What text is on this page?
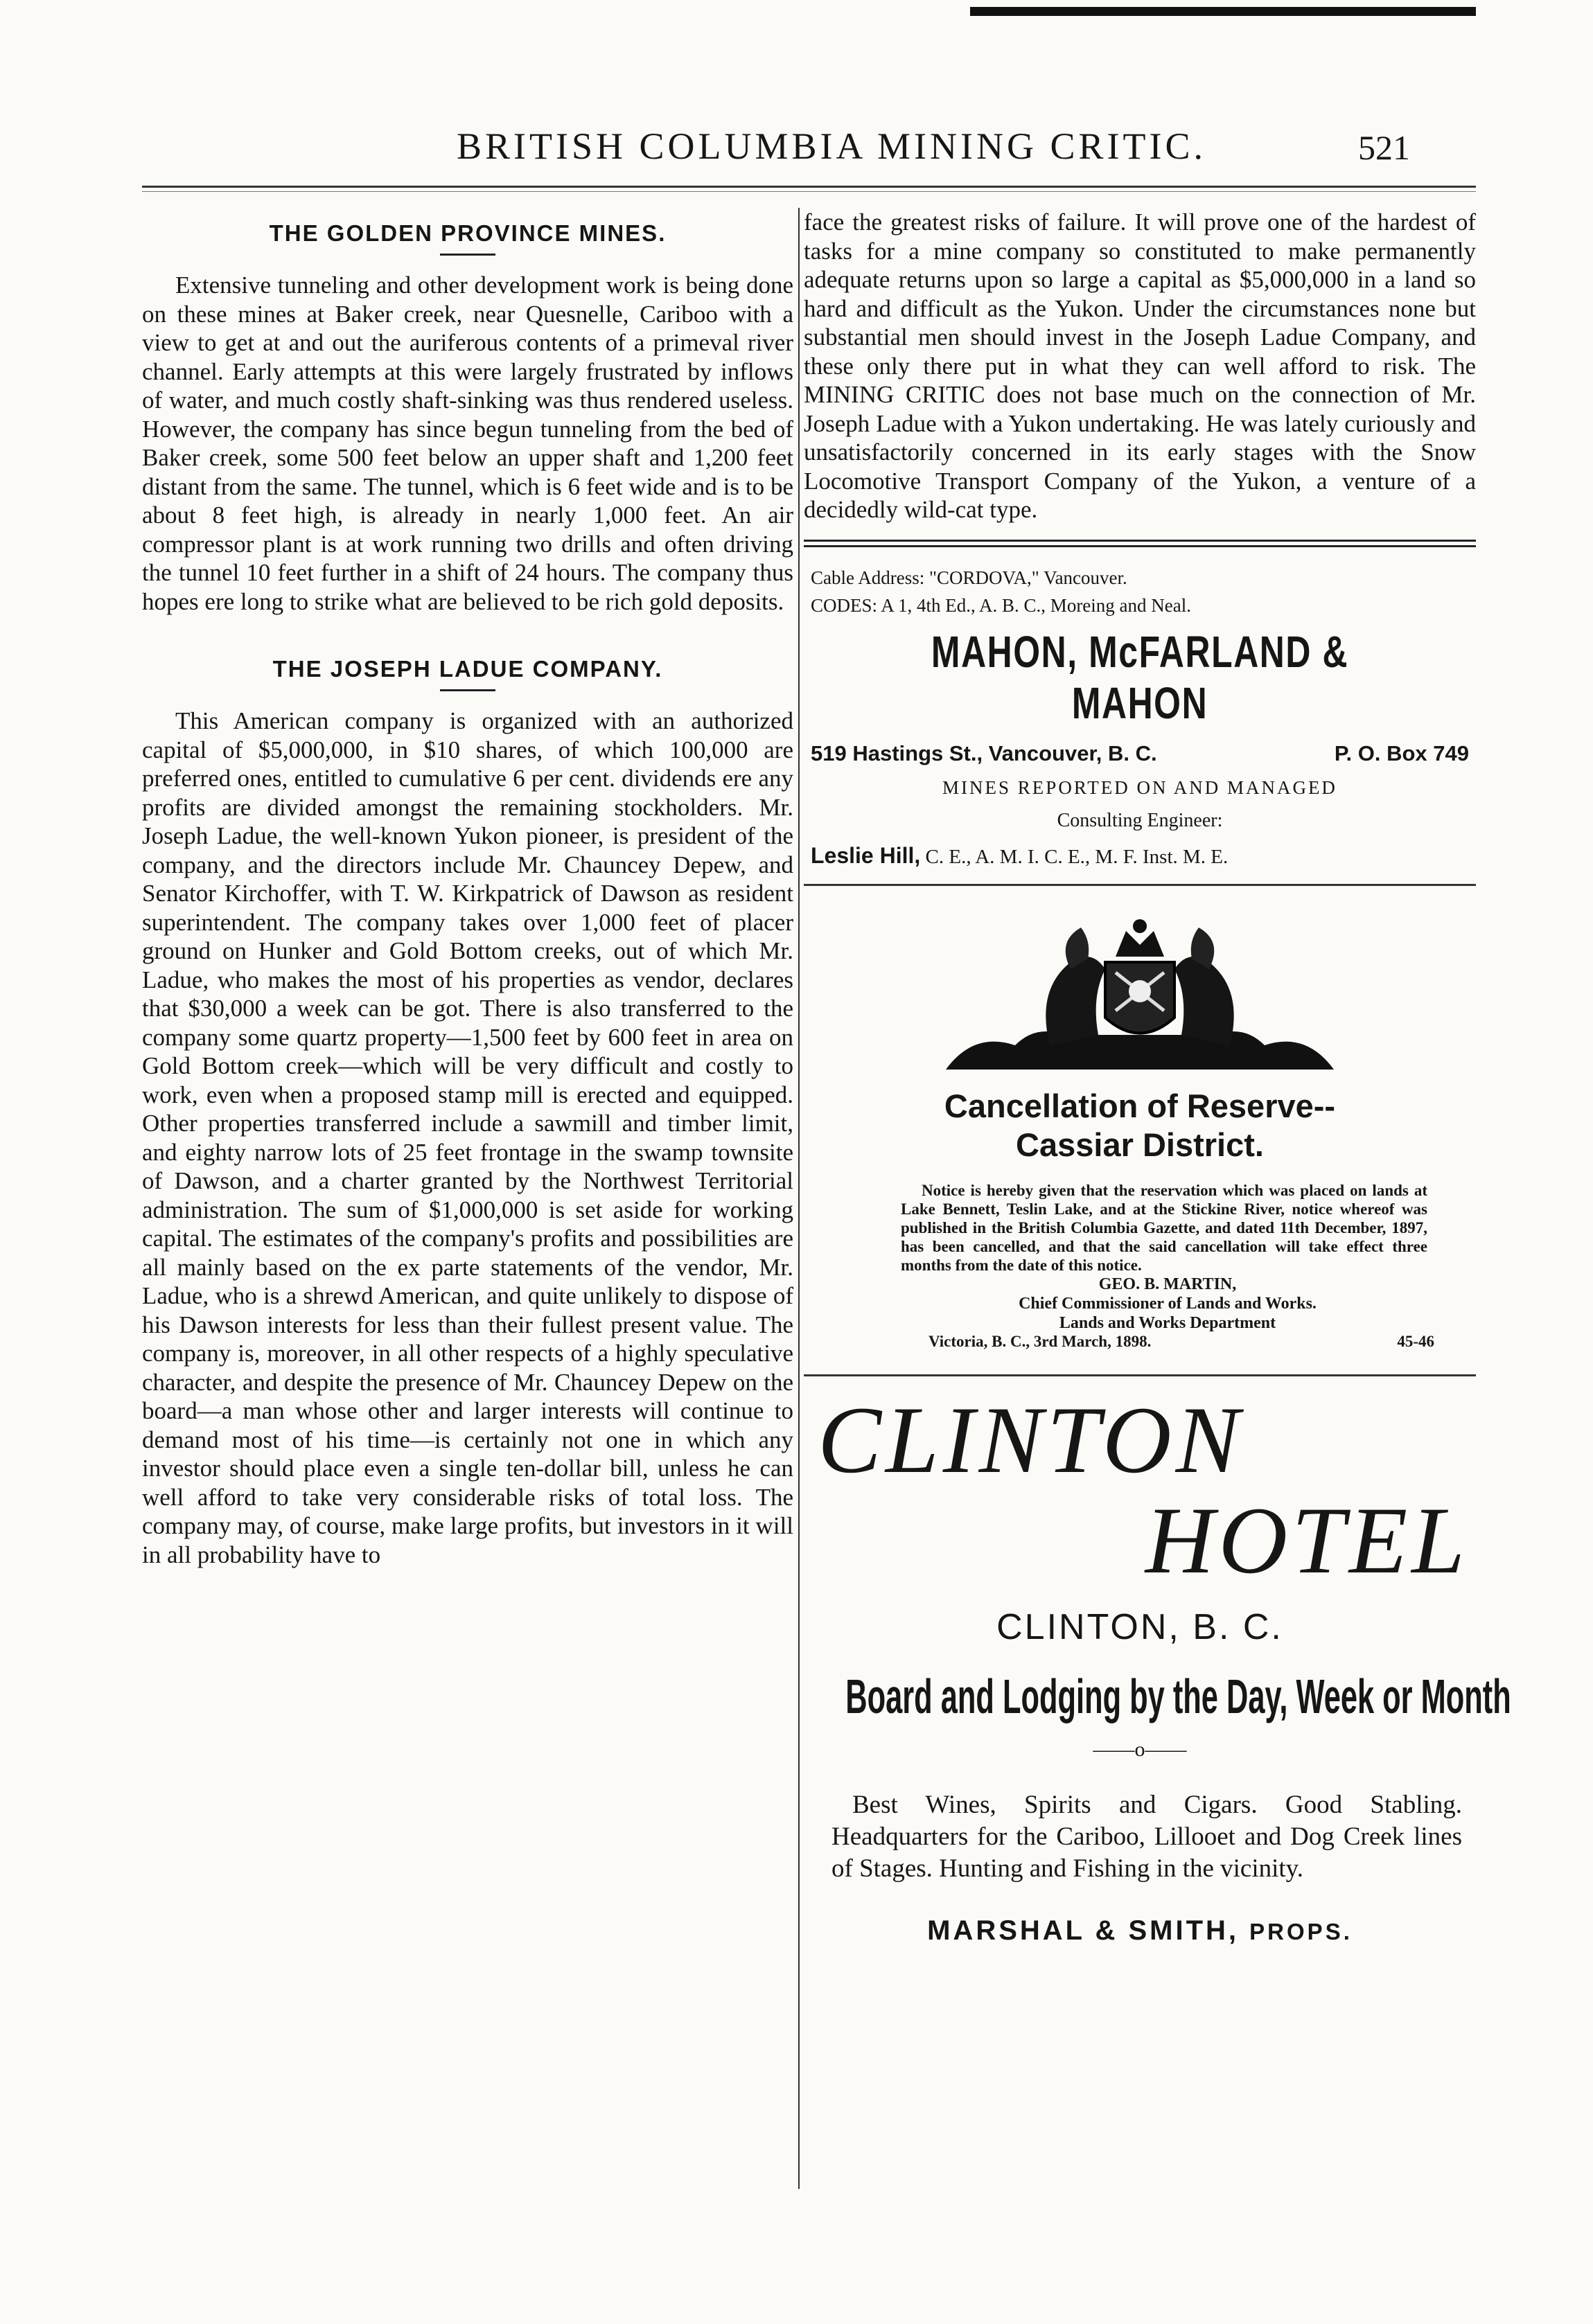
BRITISH COLUMBIA MINING CRITIC.	521
THE GOLDEN PROVINCE MINES.

Extensive tunneling and other development work is being done on these mines at Baker creek, near Quesnelle, Cariboo with a view to get at and out the auriferous contents of a primeval river channel. Early attempts at this were largely frustrated by inflows of water, and much costly shaft-sinking was thus rendered useless. However, the company has since begun tunneling from the bed of Baker creek, some 500 feet below an upper shaft and 1,200 feet distant from the same. The tunnel, which is 6 feet wide and is to be about 8 feet high, is already in nearly 1,000 feet. An air compressor plant is at work running two drills and often driving the tunnel 10 feet further in a shift of 24 hours. The company thus hopes ere long to strike what are believed to be rich gold deposits.

THE JOSEPH LADUE COMPANY.

This American company is organized with an authorized capital of $5,000,000, in $10 shares, of which 100,000 are preferred ones, entitled to cumulative 6 per cent. dividends ere any profits are divided amongst the remaining stockholders. Mr. Joseph Ladue, the well-known Yukon pioneer, is president of the company, and the directors include Mr. Chauncey Depew, and Senator Kirchoffer, with T. W. Kirkpatrick of Dawson as resident superintendent. The company takes over 1,000 feet of placer ground on Hunker and Gold Bottom creeks, out of which Mr. Ladue, who makes the most of his properties as vendor, declares that $30,000 a week can be got. There is also transferred to the company some quartz property—1,500 feet by 600 feet in area on Gold Bottom creek—which will be very difficult and costly to work, even when a proposed stamp mill is erected and equipped. Other properties transferred include a sawmill and timber limit, and eighty narrow lots of 25 feet frontage in the swamp townsite of Dawson, and a charter granted by the Northwest Territorial administration. The sum of $1,000,000 is set aside for working capital. The estimates of the company's profits and possibilities are all mainly based on the ex parte statements of the vendor, Mr. Ladue, who is a shrewd American, and quite unlikely to dispose of his Dawson interests for less than their fullest present value. The company is, moreover, in all other respects of a highly speculative character, and despite the presence of Mr. Chauncey Depew on the board—a man whose other and larger interests will continue to demand most of his time—is certainly not one in which any investor should place even a single ten-dollar bill, unless he can well afford to take very considerable risks of total loss. The company may, of course, make large profits, but investors in it will in all probability have to

face the greatest risks of failure. It will prove one of the hardest of tasks for a mine company so constituted to make permanently adequate returns upon so large a capital as $5,000,000 in a land so hard and difficult as the Yukon. Under the circumstances none but substantial men should invest in the Joseph Ladue Company, and these only there put in what they can well afford to risk. The MINING CRITIC does not base much on the connection of Mr. Joseph Ladue with a Yukon undertaking. He was lately curiously and unsatisfactorily concerned in its early stages with the Snow Locomotive Transport Company of the Yukon, a venture of a decidedly wild-cat type.

Cable Address: "CORDOVA," Vancouver.
CODES: A 1, 4th Ed., A. B. C., Moreing and Neal.
MAHON, McFARLAND & MAHON
519 Hastings St., Vancouver, B. C.	P. O. Box 749
MINES REPORTED ON AND MANAGED
Consulting Engineer:
Leslie Hill, C. E., A. M. I. C. E., M. F. Inst. M. E.
Cancellation of Reserve--
Cassiar District.

Notice is hereby given that the reservation which was placed on lands at Lake Bennett, Teslin Lake, and at the Stickine River, notice whereof was published in the British Columbia Gazette, and dated 11th December, 1897, has been cancelled, and that the said cancellation will take effect three months from the date of this notice.

GEO. B. MARTIN,
Chief Commissioner of Lands and Works.
Lands and Works Department
Victoria, B. C., 3rd March, 1898.	45-46
CLINTON
HOTEL
CLINTON, B. C.
Board and Lodging by the Day, Week or Month
——o——

Best Wines, Spirits and Cigars. Good Stabling. Headquarters for the Cariboo, Lillooet and Dog Creek lines of Stages. Hunting and Fishing in the vicinity.

MARSHAL & SMITH, PROPS.
